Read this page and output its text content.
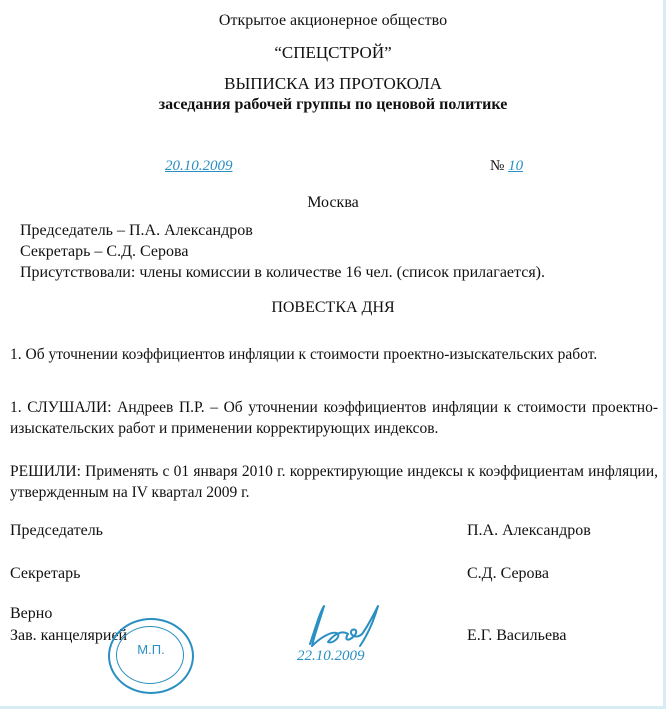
Открытое акционерное общество
“СПЕЦСТРОЙ”
ВЫПИСКА ИЗ ПРОТОКОЛА
заседания рабочей группы по ценовой политике
20.10.2009	№ 10
Москва
Председатель – П.А. Александров
Секретарь – С.Д. Серова
Присутствовали: члены комиссии в количестве 16 чел. (список прилагается).
ПОВЕСТКА ДНЯ
1. Об уточнении коэффициентов инфляции к стоимости проектно-изыскательских работ.
1. СЛУШАЛИ: Андреев П.Р. – Об уточнении коэффициентов инфляции к стоимости проектно-изыскательских работ и применении корректирующих индексов.
РЕШИЛИ: Применять с 01 января 2010 г. корректирующие индексы к коэффициентам инфляции, утвержденным на IV квартал 2009 г.
Председатель	П.А. Александров
Секретарь	С.Д. Серова
Верно
Зав. канцелярией	Е.Г. Васильева
М.П.	22.10.2009
